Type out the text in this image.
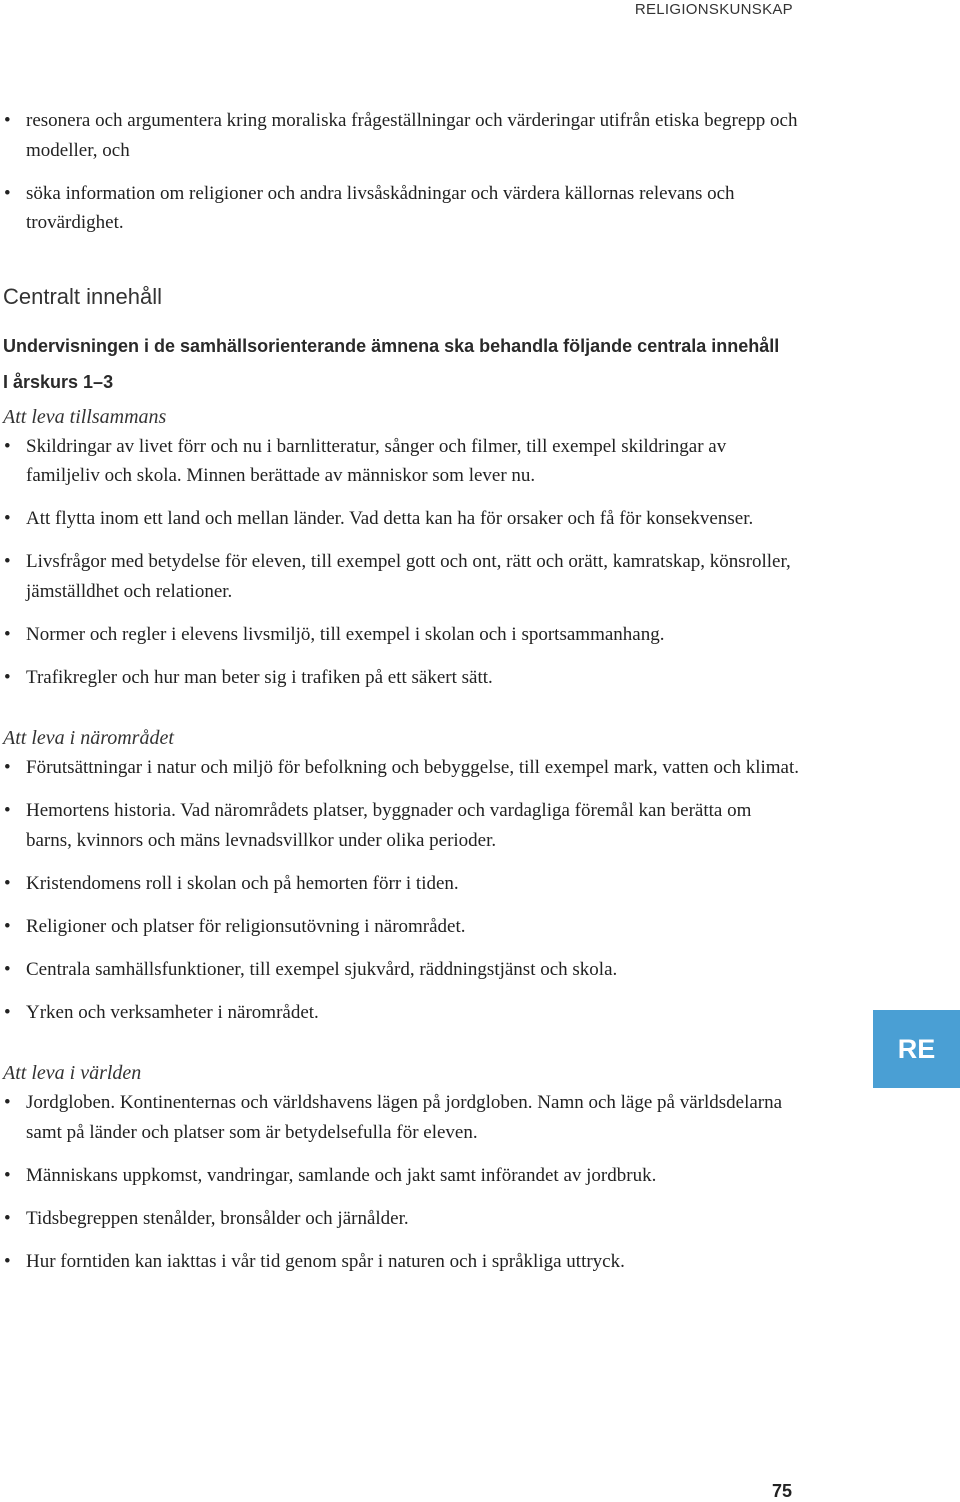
RELIGIONSKUNSKAP
• resonera och argumentera kring moraliska frågeställningar och värderingar utifrån etiska begrepp och modeller, och
• söka information om religioner och andra livsåskådningar och värdera källornas relevans och trovärdighet.
Centralt innehåll
Undervisningen i de samhällsorienterande ämnena ska behandla följande centrala innehåll
I årskurs 1–3
Att leva tillsammans
• Skildringar av livet förr och nu i barnlitteratur, sånger och filmer, till exempel skildringar av familjeliv och skola. Minnen berättade av människor som lever nu.
• Att flytta inom ett land och mellan länder. Vad detta kan ha för orsaker och få för konsekvenser.
• Livsfrågor med betydelse för eleven, till exempel gott och ont, rätt och orätt, kamratskap, könsroller, jämställdhet och relationer.
• Normer och regler i elevens livsmiljö, till exempel i skolan och i sportsammanhang.
• Trafikregler och hur man beter sig i trafiken på ett säkert sätt.
Att leva i närområdet
• Förutsättningar i natur och miljö för befolkning och bebyggelse, till exempel mark, vatten och klimat.
• Hemortens historia. Vad närområdets platser, byggnader och vardagliga föremål kan berätta om barns, kvinnors och mäns levnadsvillkor under olika perioder.
• Kristendomens roll i skolan och på hemorten förr i tiden.
• Religioner och platser för religionsutövning i närområdet.
• Centrala samhällsfunktioner, till exempel sjukvård, räddningstjänst och skola.
• Yrken och verksamheter i närområdet.
Att leva i världen
• Jordgloben. Kontinenternas och världshavens lägen på jordgloben. Namn och läge på världsdelarna samt på länder och platser som är betydelsefulla för eleven.
• Människans uppkomst, vandringar, samlande och jakt samt införandet av jordbruk.
• Tidsbegreppen stenålder, bronsålder och järnålder.
• Hur forntiden kan iakttas i vår tid genom spår i naturen och i språkliga uttryck.
RE
75
